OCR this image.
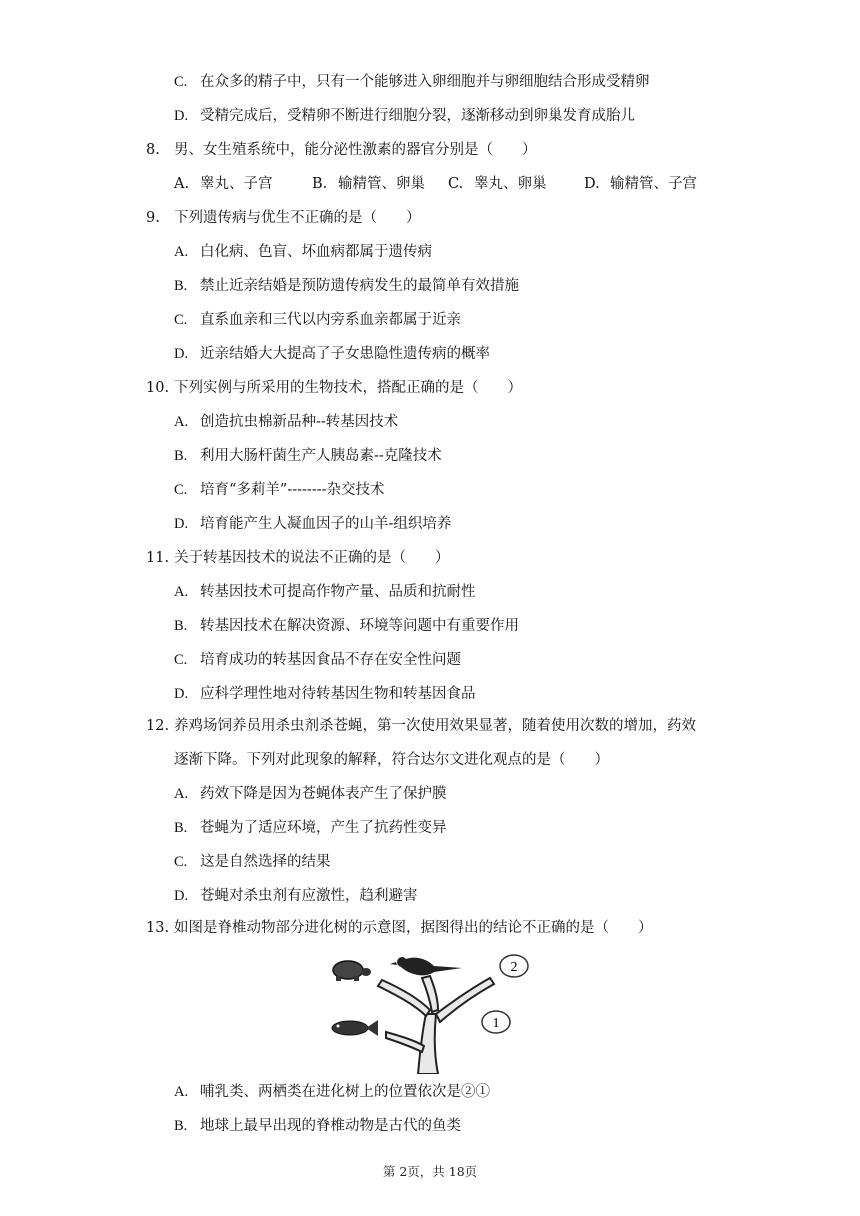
C. 在众多的精子中，只有一个能够进入卵细胞并与卵细胞结合形成受精卵
D. 受精完成后，受精卵不断进行细胞分裂，逐渐移动到卵巢发育成胎儿
8. 男、女生殖系统中，能分泌性激素的器官分别是（　　）
A. 睾丸、子宫	B. 输精管、卵巢 C. 睾丸、卵巢	D. 输精管、子宫
9. 下列遗传病与优生不正确的是（　　）
A. 白化病、色盲、坏血病都属于遗传病
B. 禁止近亲结婚是预防遗传病发生的最简单有效措施
C. 直系血亲和三代以内旁系血亲都属于近亲
D. 近亲结婚大大提高了子女患隐性遗传病的概率
10. 下列实例与所采用的生物技术，搭配正确的是（　　）
A. 创造抗虫棉新品种--转基因技术
B. 利用大肠杆菌生产人胰岛素--克隆技术
C. 培育“多莉羊”--------杂交技术
D. 培育能产生人凝血因子的山羊-组织培养
11. 关于转基因技术的说法不正确的是（　　）
A. 转基因技术可提高作物产量、品质和抗耐性
B. 转基因技术在解决资源、环境等问题中有重要作用
C. 培育成功的转基因食品不存在安全性问题
D. 应科学理性地对待转基因生物和转基因食品
12. 养鸡场饲养员用杀虫剂杀苍蝇，第一次使用效果显著，随着使用次数的增加，药效
逐渐下降。下列对此现象的解释，符合达尔文进化观点的是（　　）
A. 药效下降是因为苍蝇体表产生了保护膜
B. 苍蝇为了适应环境，产生了抗药性变异
C. 这是自然选择的结果
D. 苍蝇对杀虫剂有应激性，趋利避害
13. 如图是脊椎动物部分进化树的示意图，据图得出的结论不正确的是（　　）
2
1
A. 哺乳类、两栖类在进化树上的位置依次是②①
B. 地球上最早出现的脊椎动物是古代的鱼类
第 2页，共 18页
